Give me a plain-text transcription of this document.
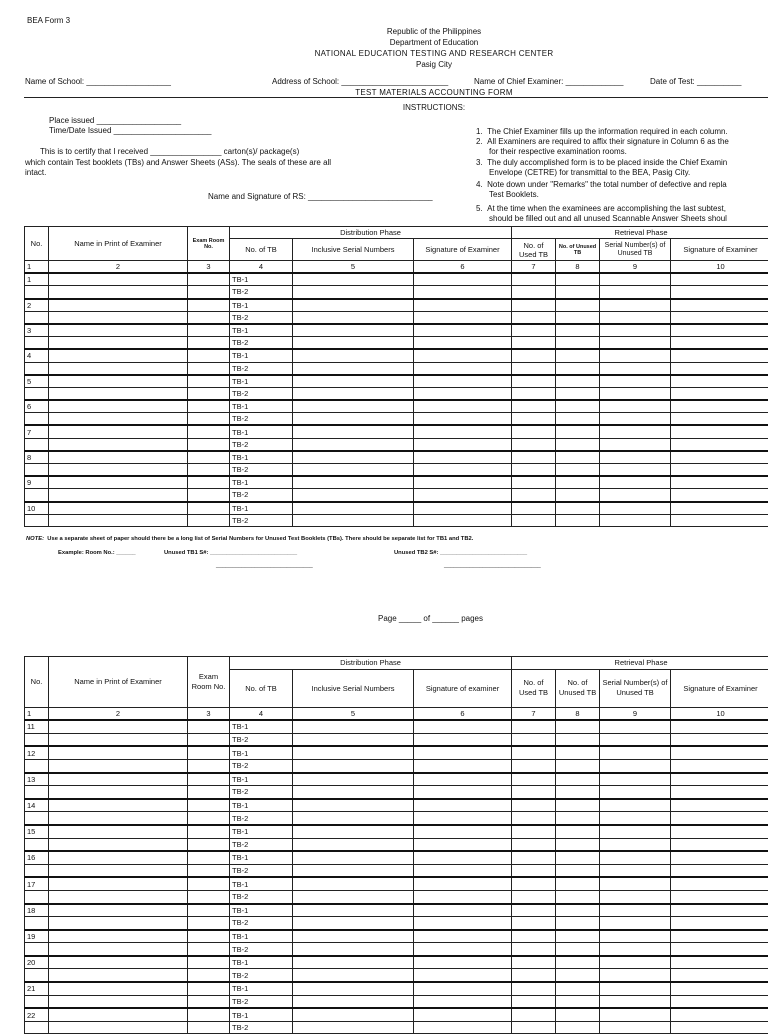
BEA Form 3
Republic of the Philippines
Department of Education
NATIONAL EDUCATION TESTING AND RESEARCH CENTER
Pasig City
Name of School: ___________________	Address of School: ________________________	Name of Chief Examiner: _____________	Date of Test: __________
TEST MATERIALS ACCOUNTING FORM
INSTRUCTIONS:
Place issued ___________________
Time/Date Issued ______________________
This is to certify that I received ________________ carton(s)/ package(s)
which contain Test booklets (TBs) and Answer Sheets (ASs). The seals of these are all
intact.
Name and Signature of RS: ____________________________
1. The Chief Examiner fills up the information required in each column.
2. All Examiners are required to affix their signature in Column 6 as the
for their respective examination rooms.
3. The duly accomplished form is to be placed inside the Chief Examin
Envelope (CETRE) for transmittal to the BEA, Pasig City.
4. Note down under "Remarks" the total number of defective and repla
Test Booklets.
5. At the time when the examinees are accomplishing the last subtest,
should be filled out and all unused Scannable Answer Sheets shoul
No.	Name in Print of Examiner	Exam Room No.	Distribution Phase			Retrieval Phase			
			No. of TB	Inclusive Serial Numbers	Signature of Examiner	No. of Used TB	No. of Unused TB	Serial Number(s) of Unused TB	Signature of Examiner
1	2	3	4	5	6	7	8	9	10
1			TB-1						
			TB-2						
2			TB-1						
			TB-2						
3			TB-1						
			TB-2						
4			TB-1						
			TB-2						
5			TB-1						
			TB-2						
6			TB-1						
			TB-2						
7			TB-1						
			TB-2						
8			TB-1						
			TB-2						
9			TB-1						
			TB-2						
10			TB-1						
			TB-2						
NOTE: Use a separate sheet of paper should there be a long list of Serial Numbers for Unused Test Booklets (TBs). There should be separate list for TB1 and TB2.
Example: Room No.: ______	Unused TB1 S#: ___________________________	Unused TB2 S#: ___________________________
______________________________	______________________________
Page _____ of ______ pages
No.	Name in Print of Examiner	Exam Room No.	Distribution Phase			Retrieval Phase			
			No. of TB	Inclusive Serial Numbers	Signature of examiner	No. of Used TB	No. of Unused TB	Serial Number(s) of Unused TB	Signature of Examiner
1	2	3	4	5	6	7	8	9	10
11			TB-1						
			TB-2						
12			TB-1						
			TB-2						
13			TB-1						
			TB-2						
14			TB-1						
			TB-2						
15			TB-1						
			TB-2						
16			TB-1						
			TB-2						
17			TB-1						
			TB-2						
18			TB-1						
			TB-2						
19			TB-1						
			TB-2						
20			TB-1						
			TB-2						
21			TB-1						
			TB-2						
22			TB-1						
			TB-2						
